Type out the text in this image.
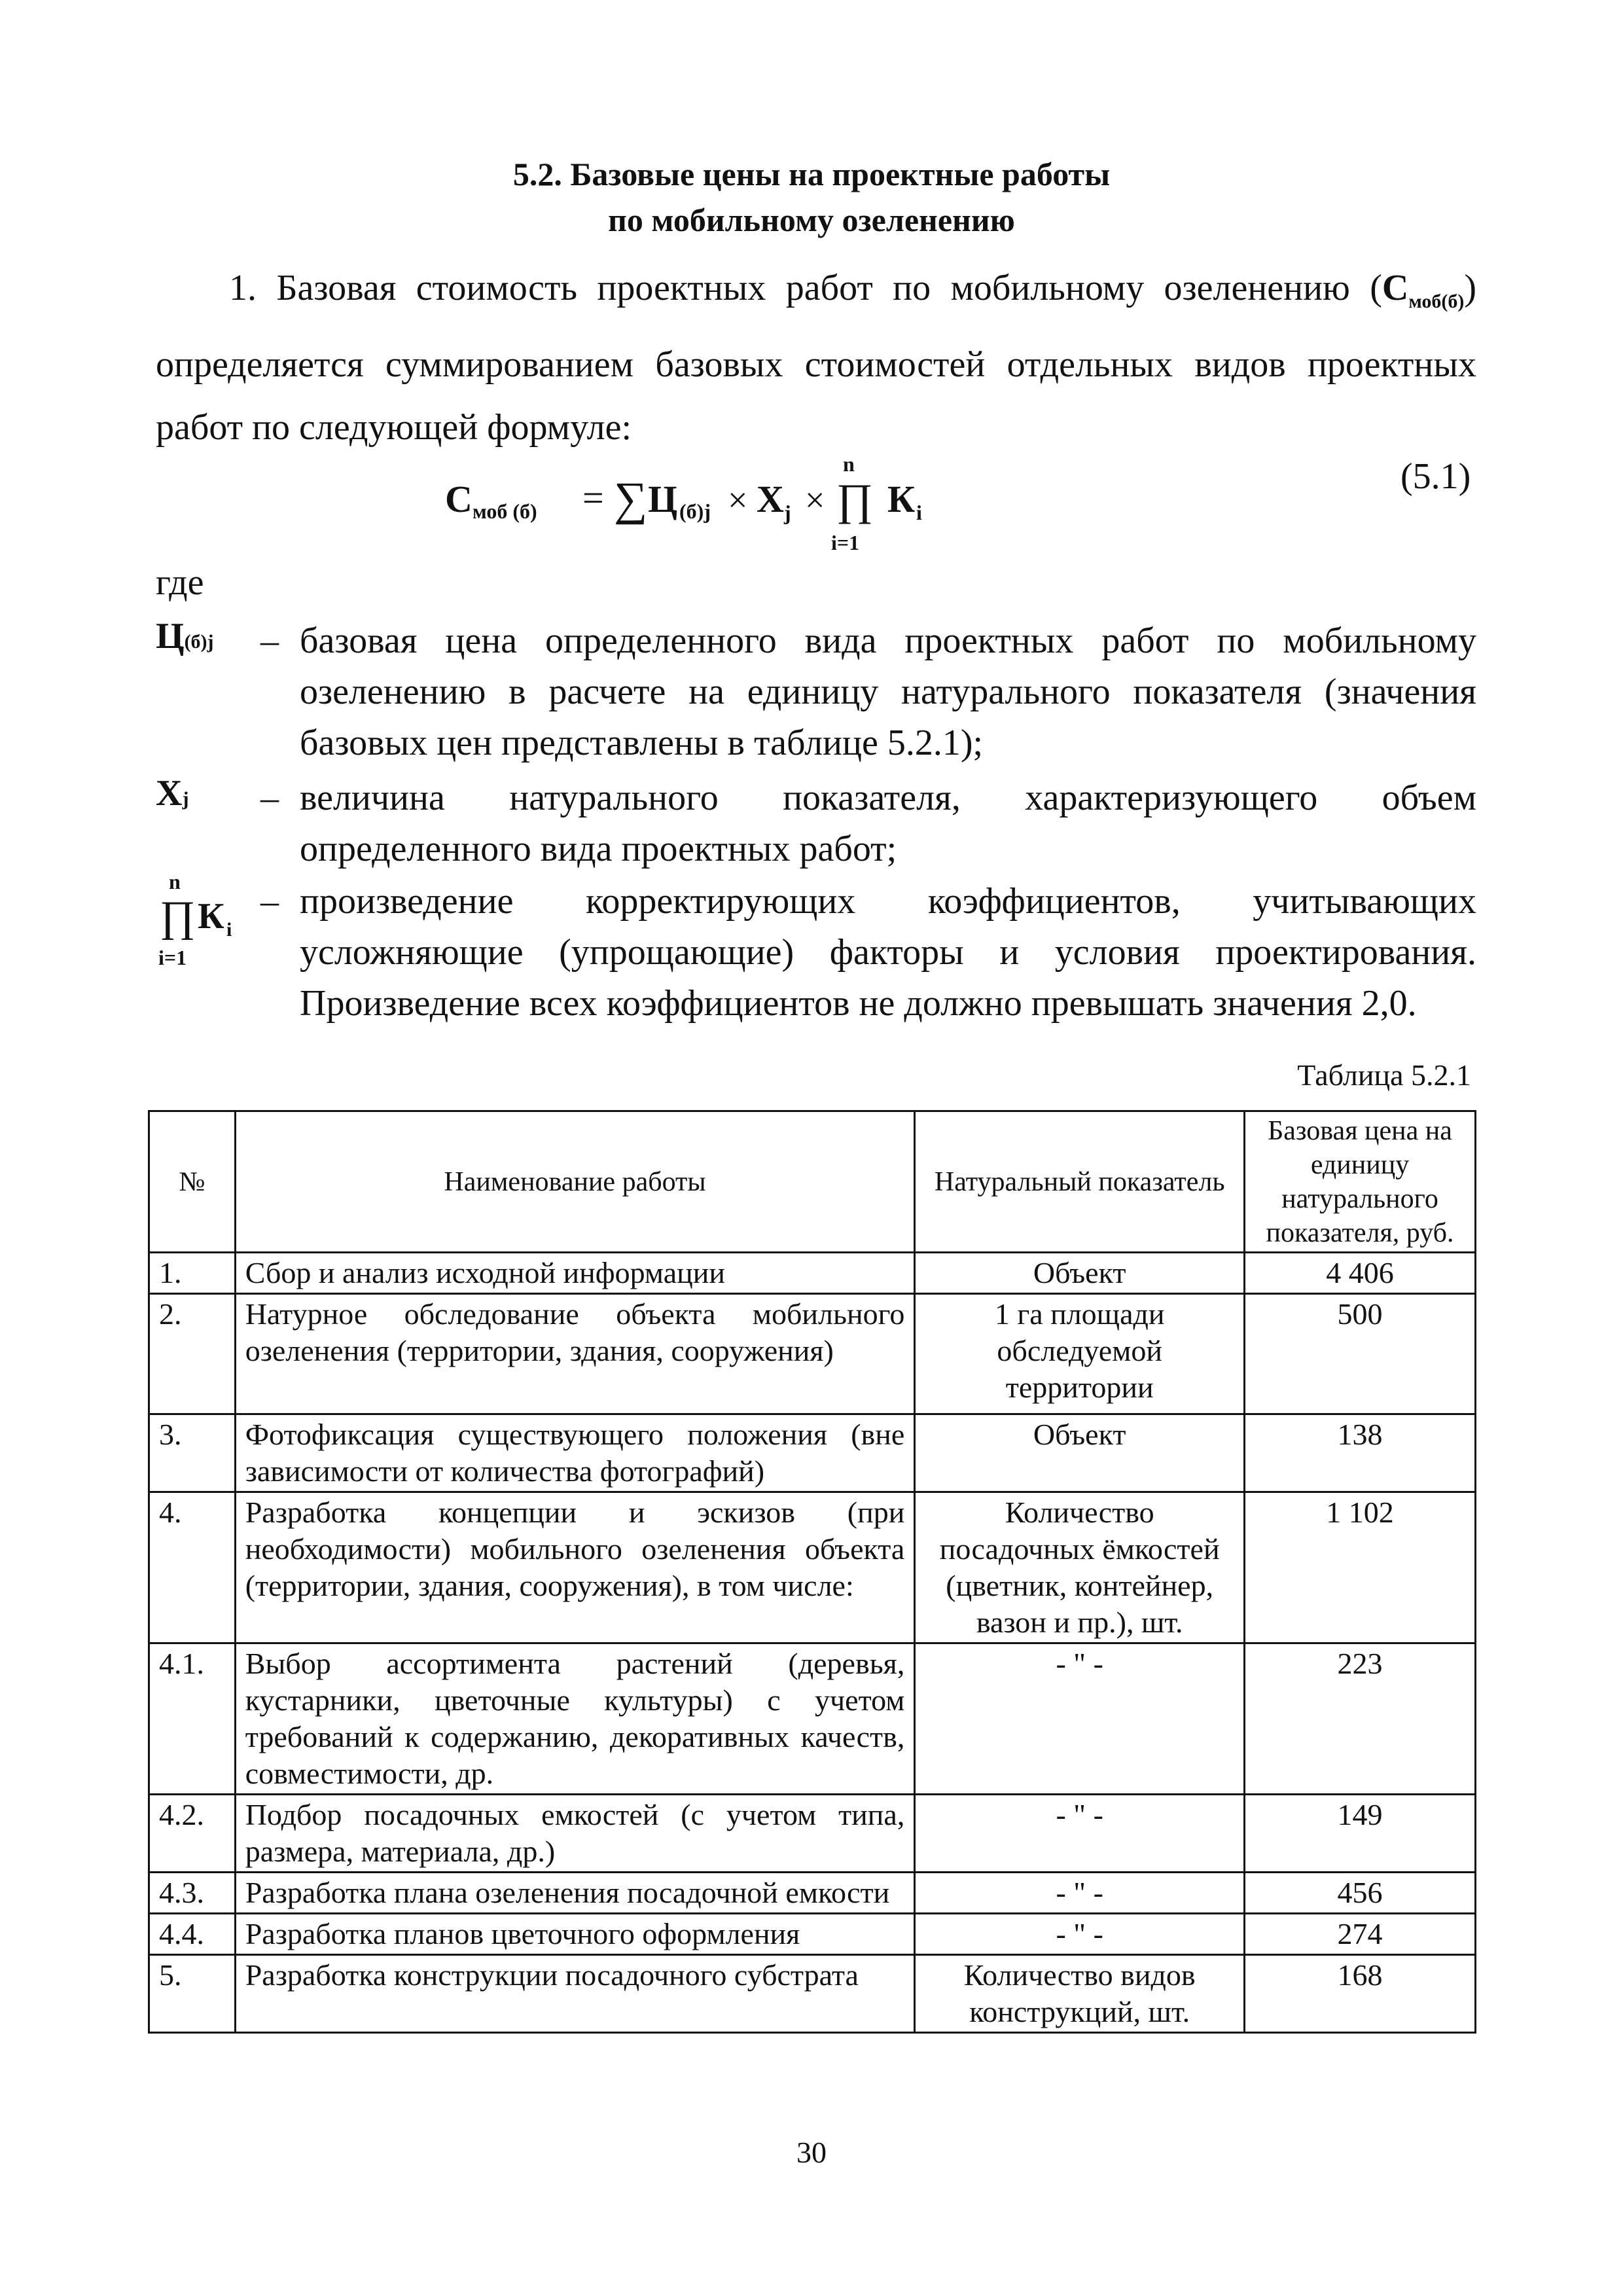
5.2. Базовые цены на проектные работы
по мобильному озеленению
1. Базовая стоимость проектных работ по мобильному озеленению $(С_{моб(б)})$ определяется суммированием базовых стоимостей отдельных видов проектных работ по следующей формуле:
С моб (б) = ∑ Ц (б)j × X j ×
n
∏
i=1
К i
(5.1)
где
Ц(б)j – базовая цена определенного вида проектных работ по мобильному озеленению в расчете на единицу натурального показателя (значения базовых цен представлены в таблице 5.2.1);
Xj – величина натурального показателя, характеризующего объем определенного вида проектных работ;
n
∏ К i
i=1
– произведение корректирующих коэффициентов, учитывающих усложняющие (упрощающие) факторы и условия проектирования. Произведение всех коэффициентов не должно превышать значения 2,0.
Таблица 5.2.1
№	Наименование работы	Натуральный показатель	Базовая цена на единицу натурального показателя, руб.
1.	Сбор и анализ исходной информации	Объект	4 406
2.	Натурное обследование объекта мобильного озеленения (территории, здания, сооружения)	1 га площади обследуемой территории	500
3.	Фотофиксация существующего положения (вне зависимости от количества фотографий)	Объект	138
4.	Разработка концепции и эскизов (при необходимости) мобильного озеленения объекта (территории, здания, сооружения), в том числе:	Количество посадочных ёмкостей (цветник, контейнер, вазон и пр.), шт.	1 102
4.1.	Выбор ассортимента растений (деревья, кустарники, цветочные культуры) с учетом требований к содержанию, декоративных качеств, совместимости, др.	- " -	223
4.2.	Подбор посадочных емкостей (с учетом типа, размера, материала, др.)	- " -	149
4.3.	Разработка плана озеленения посадочной емкости	- " -	456
4.4.	Разработка планов цветочного оформления	- " -	274
5.	Разработка конструкции посадочного субстрата	Количество видов конструкций, шт.	168
30
